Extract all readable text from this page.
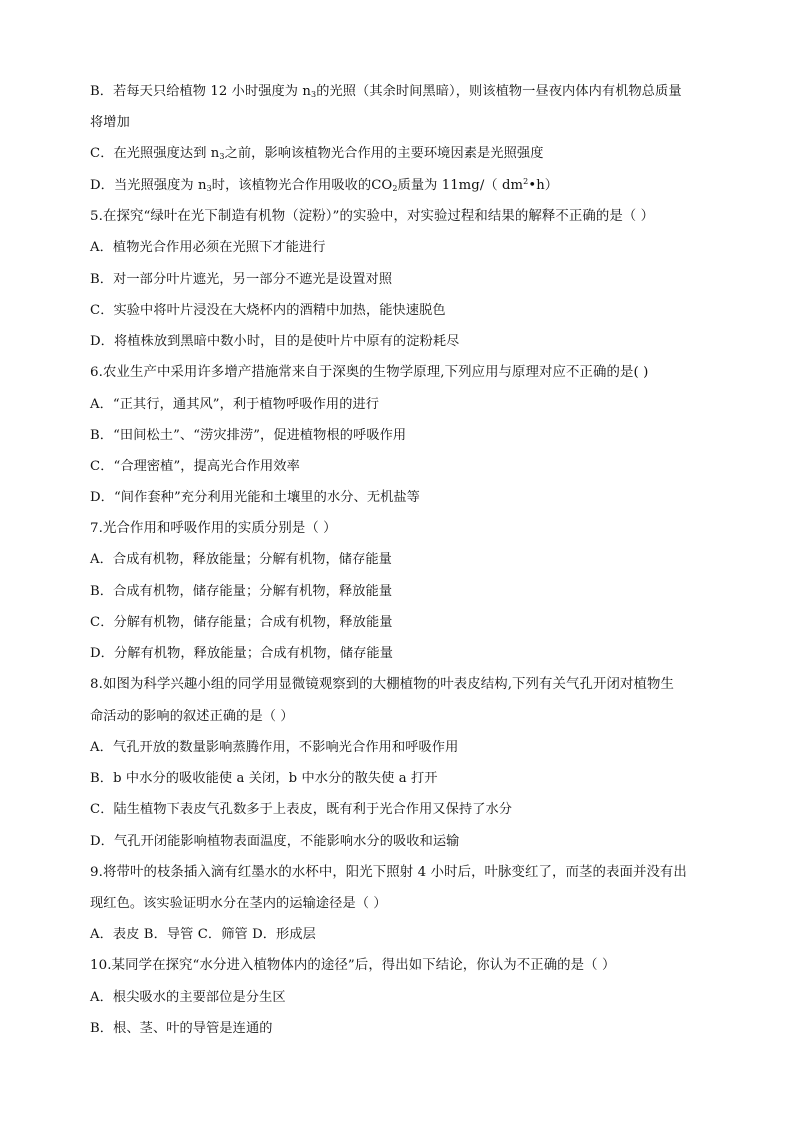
B．若每天只给植物 12 小时强度为 $n_3$的光照（其余时间黑暗），则该植物一昼夜内体内有机物总质量
将增加
C．在光照强度达到 $n_3$之前，影响该植物光合作用的主要环境因素是光照强度
D．当光照强度为 $n_3$时，该植物光合作用吸收的$CO_2$质量为 11mg/（ $dm^2•h$）
5.在探究“绿叶在光下制造有机物（淀粉）”的实验中，对实验过程和结果的解释不正确的是（ ）
A．植物光合作用必须在光照下才能进行
B．对一部分叶片遮光，另一部分不遮光是设置对照
C．实验中将叶片浸没在大烧杯内的酒精中加热，能快速脱色
D．将植株放到黑暗中数小时，目的是使叶片中原有的淀粉耗尽
6.农业生产中采用许多增产措施常来自于深奥的生物学原理,下列应用与原理对应不正确的是( )
A．“正其行，通其风”，利于植物呼吸作用的进行
B．“田间松土”、“涝灾排涝”，促进植物根的呼吸作用
C．“合理密植”，提高光合作用效率
D．“间作套种”充分利用光能和土壤里的水分、无机盐等
7.光合作用和呼吸作用的实质分别是（ ）
A．合成有机物，释放能量；分解有机物，储存能量
B．合成有机物，储存能量；分解有机物，释放能量
C．分解有机物，储存能量；合成有机物，释放能量
D．分解有机物，释放能量；合成有机物，储存能量
8.如图为科学兴趣小组的同学用显微镜观察到的大棚植物的叶表皮结构,下列有关气孔开闭对植物生
命活动的影响的叙述正确的是（ ）
A．气孔开放的数量影响蒸腾作用，不影响光合作用和呼吸作用
B．b 中水分的吸收能使 a 关闭，b 中水分的散失使 a 打开
C．陆生植物下表皮气孔数多于上表皮，既有利于光合作用又保持了水分
D．气孔开闭能影响植物表面温度，不能影响水分的吸收和运输
9.将带叶的枝条插入滴有红墨水的水杯中，阳光下照射 4 小时后，叶脉变红了，而茎的表面并没有出
现红色。该实验证明水分在茎内的运输途径是（ ）
A．表皮 B．导管 C．筛管 D．形成层
10.某同学在探究“水分进入植物体内的途径”后，得出如下结论，你认为不正确的是（ ）
A．根尖吸水的主要部位是分生区
B．根、茎、叶的导管是连通的
